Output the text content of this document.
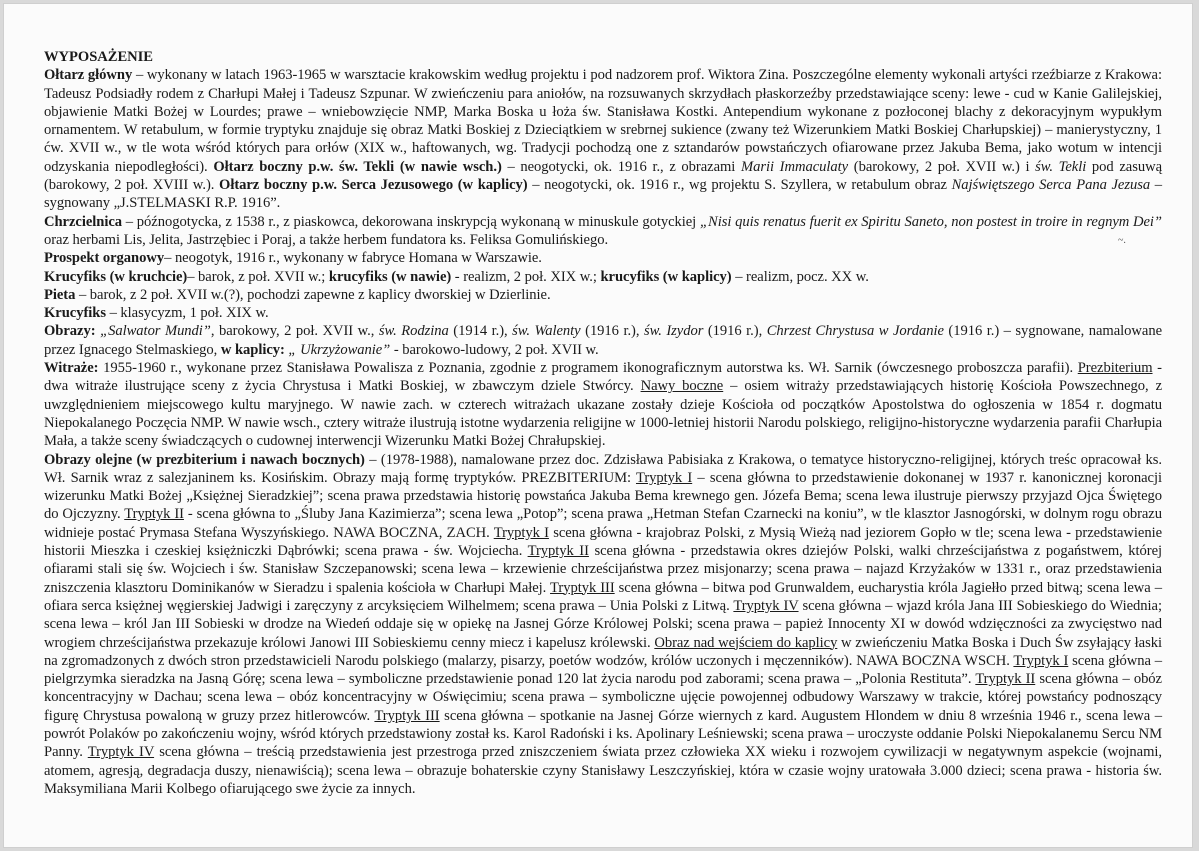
WYPOSAŻENIE

Ołtarz główny – wykonany w latach 1963-1965 w warsztacie krakowskim według projektu i pod nadzorem prof. Wiktora Zina. Poszczególne elementy wykonali artyści rzeźbiarze z Krakowa: Tadeusz Podsiadły rodem z Charłupi Małej i Tadeusz Szpunar. W zwieńczeniu para aniołów, na rozsuwanych skrzydłach płaskorzeźby przedstawiające sceny: lewe - cud w Kanie Galilejskiej, objawienie Matki Bożej w Lourdes; prawe – wniebowzięcie NMP, Marka Boska u łoża św. Stanisława Kostki. Antependium wykonane z pozłoconej blachy z dekoracyjnym wypukłym ornamentem. W retabulum, w formie tryptyku znajduje się obraz Matki Boskiej z Dzieciątkiem w srebrnej sukience (zwany też Wizerunkiem Matki Boskiej Charłupskiej) – manierystyczny, 1 ćw. XVII w., w tle wota wśród których para orłów (XIX w., haftowanych, wg. Tradycji pochodzą one z sztandarów powstańczych ofiarowane przez Jakuba Bema, jako wotum w intencji odzyskania niepodległości). Ołtarz boczny p.w. św. Tekli (w nawie wsch.) – neogotycki, ok. 1916 r., z obrazami Marii Immaculaty (barokowy, 2 poł. XVII w.) i św. Tekli pod zasuwą (barokowy, 2 poł. XVIII w.). Ołtarz boczny p.w. Serca Jezusowego (w kaplicy) – neogotycki, ok. 1916 r., wg projektu S. Szyllera, w retabulum obraz Najświętszego Serca Pana Jezusa – sygnowany „J.STELMASKI R.P. 1916”.

Chrzcielnica – późnogotycka, z 1538 r., z piaskowca, dekorowana inskrypcją wykonaną w minuskule gotyckiej „Nisi quis renatus fuerit ex Spiritu Saneto, non postest in troire in regnym Dei” oraz herbami Lis, Jelita, Jastrzębiec i Poraj, a także herbem fundatora ks. Feliksa Gomulińskiego.

Prospekt organowy– neogotyk, 1916 r., wykonany w fabryce Homana w Warszawie.

Krucyfiks (w kruchcie)– barok, z poł. XVII w.; krucyfiks (w nawie) - realizm, 2 poł. XIX w.; krucyfiks (w kaplicy) – realizm, pocz. XX w.

Pieta – barok, z 2 poł. XVII w.(?), pochodzi zapewne z kaplicy dworskiej w Dzierlinie.

Krucyfiks – klasycyzm, 1 poł. XIX w.

Obrazy: „Salwator Mundi”, barokowy, 2 poł. XVII w., św. Rodzina (1914 r.), św. Walenty (1916 r.), św. Izydor (1916 r.), Chrzest Chrystusa w Jordanie (1916 r.) – sygnowane, namalowane przez Ignacego Stelmaskiego, w kaplicy: „ Ukrzyżowanie” - barokowo-ludowy, 2 poł. XVII w.

Witraże: 1955-1960 r., wykonane przez Stanisława Powalisza z Poznania, zgodnie z programem ikonograficznym autorstwa ks. Wł. Sarnik (ówczesnego proboszcza parafii). Prezbiterium - dwa witraże ilustrujące sceny z życia Chrystusa i Matki Boskiej, w zbawczym dziele Stwórcy. Nawy boczne – osiem witraży przedstawiających historię Kościoła Powszechnego, z uwzględnieniem miejscowego kultu maryjnego. W nawie zach. w czterech witrażach ukazane zostały dzieje Kościoła od początków Apostolstwa do ogłoszenia w 1854 r. dogmatu Niepokalanego Poczęcia NMP. W nawie wsch., cztery witraże ilustrują istotne wydarzenia religijne w 1000-letniej historii Narodu polskiego, religijno-historyczne wydarzenia parafii Charłupia Mała, a także sceny świadczących o cudownej interwencji Wizerunku Matki Bożej Chrałupskiej.

Obrazy olejne (w prezbiterium i nawach bocznych) – (1978-1988), namalowane przez doc. Zdzisława Pabisiaka z Krakowa, o tematyce historyczno-religijnej, których treśc opracował ks. Wł. Sarnik wraz z salezjaninem ks. Kosińskim. Obrazy mają formę tryptyków. PREZBITERIUM: Tryptyk I – scena główna to przedstawienie dokonanej w 1937 r. kanonicznej koronacji wizerunku Matki Bożej „Księżnej Sieradzkiej”; scena prawa przedstawia historię powstańca Jakuba Bema krewnego gen. Józefa Bema; scena lewa ilustruje pierwszy przyjazd Ojca Świętego do Ojczyzny. Tryptyk II - scena główna to „Śluby Jana Kazimierza”; scena lewa „Potop”; scena prawa „Hetman Stefan Czarnecki na koniu”, w tle klasztor Jasnogórski, w dolnym rogu obrazu widnieje postać Prymasa Stefana Wyszyńskiego. NAWA BOCZNA, ZACH. Tryptyk I scena główna - krajobraz Polski, z Mysią Wieżą nad jeziorem Gopło w tle; scena lewa - przedstawienie historii Mieszka i czeskiej księżniczki Dąbrówki; scena prawa - św. Wojciecha. Tryptyk II scena główna - przedstawia okres dziejów Polski, walki chrześcijaństwa z pogaństwem, której ofiarami stali się św. Wojciech i św. Stanisław Szczepanowski; scena lewa – krzewienie chrześcijaństwa przez misjonarzy; scena prawa – najazd Krzyżaków w 1331 r., oraz przedstawienia zniszczenia klasztoru Dominikanów w Sieradzu i spalenia kościoła w Charłupi Małej. Tryptyk III scena główna – bitwa pod Grunwaldem, eucharystia króla Jagiełło przed bitwą; scena lewa – ofiara serca księżnej węgierskiej Jadwigi i zaręczyny z arcyksięciem Wilhelmem; scena prawa – Unia Polski z Litwą. Tryptyk IV scena główna – wjazd króla Jana III Sobieskiego do Wiednia; scena lewa – król Jan III Sobieski w drodze na Wiedeń oddaje się w opiekę na Jasnej Górze Królowej Polski; scena prawa – papież Innocenty XI w dowód wdzięczności za zwycięstwo nad wrogiem chrześcijaństwa przekazuje królowi Janowi III Sobieskiemu cenny miecz i kapelusz królewski. Obraz nad wejściem do kaplicy w zwieńczeniu Matka Boska i Duch Św zsyłający łaski na zgromadzonych z dwóch stron przedstawicieli Narodu polskiego (malarzy, pisarzy, poetów wodzów, królów uczonych i męczenników). NAWA BOCZNA WSCH. Tryptyk I scena główna – pielgrzymka sieradzka na Jasną Górę; scena lewa – symboliczne przedstawienie ponad 120 lat życia narodu pod zaborami; scena prawa – „Polonia Restituta”. Tryptyk II scena główna – obóz koncentracyjny w Dachau; scena lewa – obóz koncentracyjny w Oświęcimiu; scena prawa – symboliczne ujęcie powojennej odbudowy Warszawy w trakcie, której powstańcy podnoszący figurę Chrystusa powaloną w gruzy przez hitlerowców. Tryptyk III scena główna – spotkanie na Jasnej Górze wiernych z kard. Augustem Hlondem w dniu 8 września 1946 r., scena lewa – powrót Polaków po zakończeniu wojny, wśród których przedstawiony został ks. Karol Radoński i ks. Apolinary Leśniewski; scena prawa – uroczyste oddanie Polski Niepokalanemu Sercu NM Panny. Tryptyk IV scena główna – treścią przedstawienia jest przestroga przed zniszczeniem świata przez człowieka XX wieku i rozwojem cywilizacji w negatywnym aspekcie (wojnami, atomem, agresją, degradacja duszy, nienawiścią); scena lewa – obrazuje bohaterskie czyny Stanisławy Leszczyńskiej, która w czasie wojny uratowała 3.000 dzieci; scena prawa - historia św. Maksymiliana Marii Kolbego ofiarującego swe życie za innych.

~.
